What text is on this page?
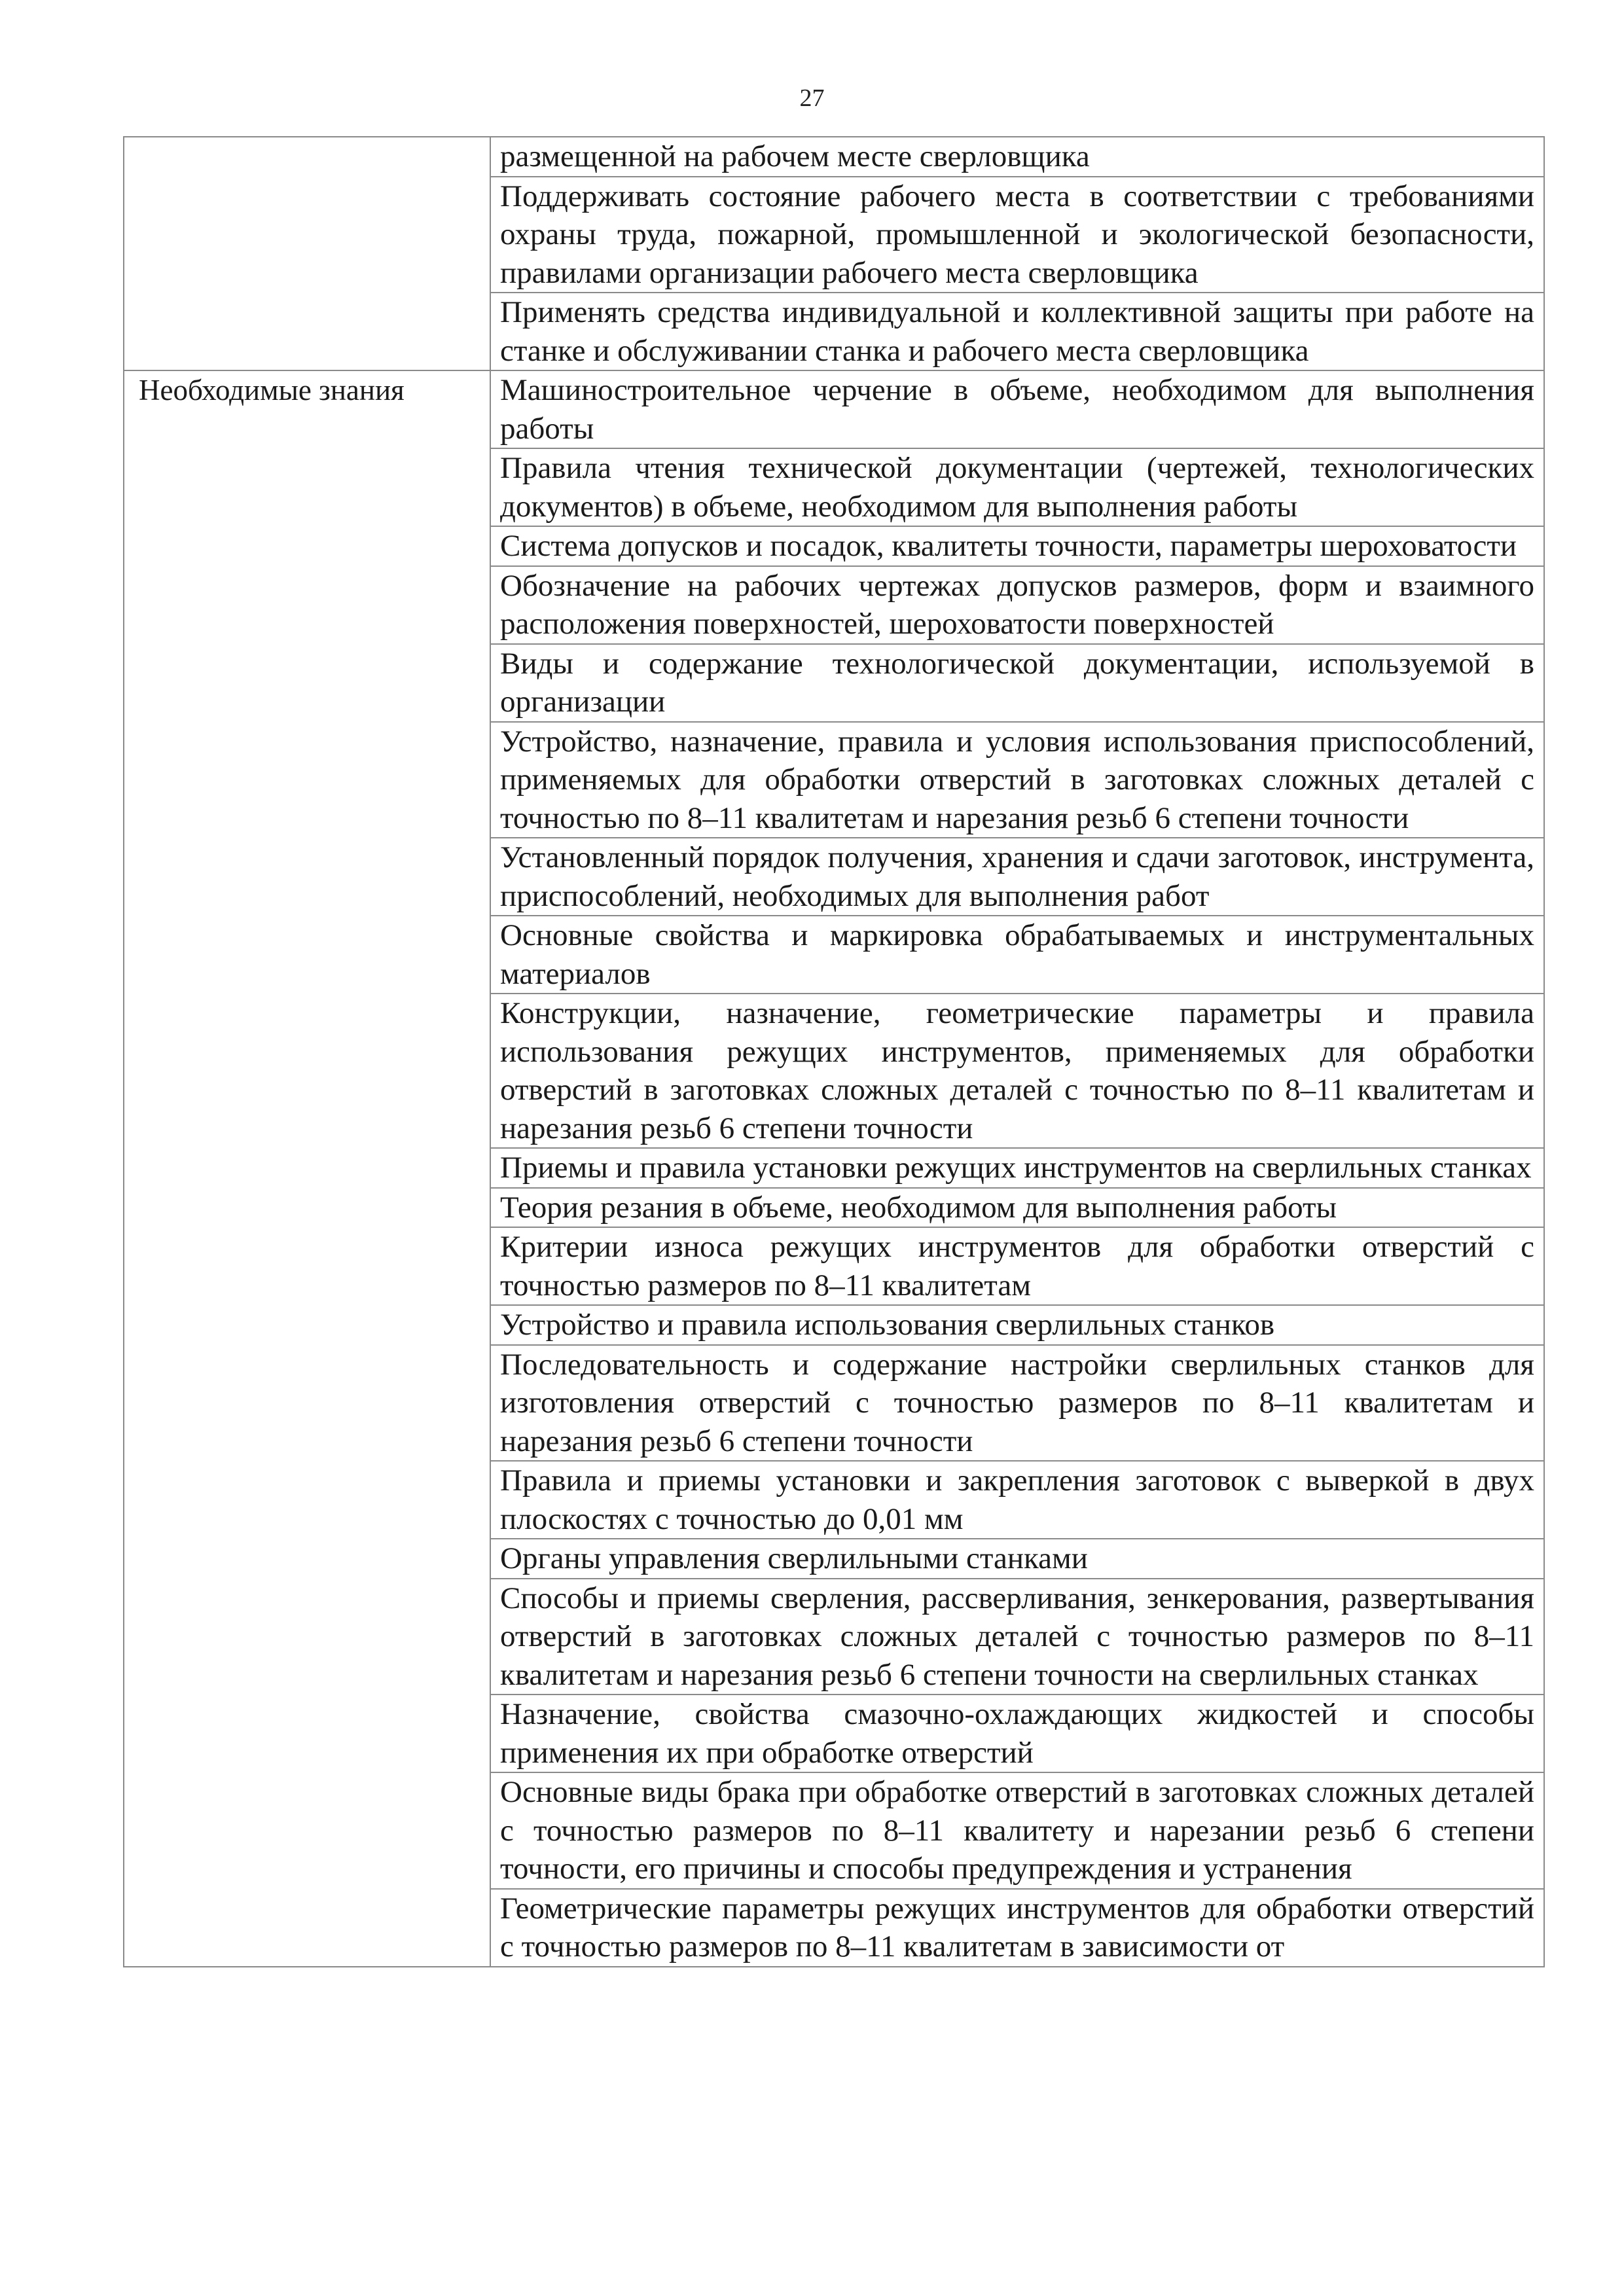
27
	размещенной на рабочем месте сверловщика
	Поддерживать состояние рабочего места в соответствии с требованиями охраны труда, пожарной, промышленной и экологической безопасности, правилами организации рабочего места сверловщика
	Применять средства индивидуальной и коллективной защиты при работе на станке и обслуживании станка и рабочего места сверловщика
Необходимые знания	Машиностроительное черчение в объеме, необходимом для выполнения работы
	Правила чтения технической документации (чертежей, технологических документов) в объеме, необходимом для выполнения работы
	Система допусков и посадок, квалитеты точности, параметры шероховатости
	Обозначение на рабочих чертежах допусков размеров, форм и взаимного расположения поверхностей, шероховатости поверхностей
	Виды и содержание технологической документации, используемой в организации
	Устройство, назначение, правила и условия использования приспособлений, применяемых для обработки отверстий в заготовках сложных деталей с точностью по 8–11 квалитетам и нарезания резьб 6 степени точности
	Установленный порядок получения, хранения и сдачи заготовок, инструмента, приспособлений, необходимых для выполнения работ
	Основные свойства и маркировка обрабатываемых и инструментальных материалов
	Конструкции, назначение, геометрические параметры и правила использования режущих инструментов, применяемых для обработки отверстий в заготовках сложных деталей с точностью по 8–11 квалитетам и нарезания резьб 6 степени точности
	Приемы и правила установки режущих инструментов на сверлильных станках
	Теория резания в объеме, необходимом для выполнения работы
	Критерии износа режущих инструментов для обработки отверстий с точностью размеров по 8–11 квалитетам
	Устройство и правила использования сверлильных станков
	Последовательность и содержание настройки сверлильных станков для изготовления отверстий с точностью размеров по 8–11 квалитетам и нарезания резьб 6 степени точности
	Правила и приемы установки и закрепления заготовок с выверкой в двух плоскостях с точностью до 0,01 мм
	Органы управления сверлильными станками
	Способы и приемы сверления, рассверливания, зенкерования, развертывания отверстий в заготовках сложных деталей с точностью размеров по 8–11 квалитетам и нарезания резьб 6 степени точности на сверлильных станках
	Назначение, свойства смазочно-охлаждающих жидкостей и способы применения их при обработке отверстий
	Основные виды брака при обработке отверстий в заготовках сложных деталей с точностью размеров по 8–11 квалитету и нарезании резьб 6 степени точности, его причины и способы предупреждения и устранения
	Геометрические параметры режущих инструментов для обработки отверстий с точностью размеров по 8–11 квалитетам в зависимости от
